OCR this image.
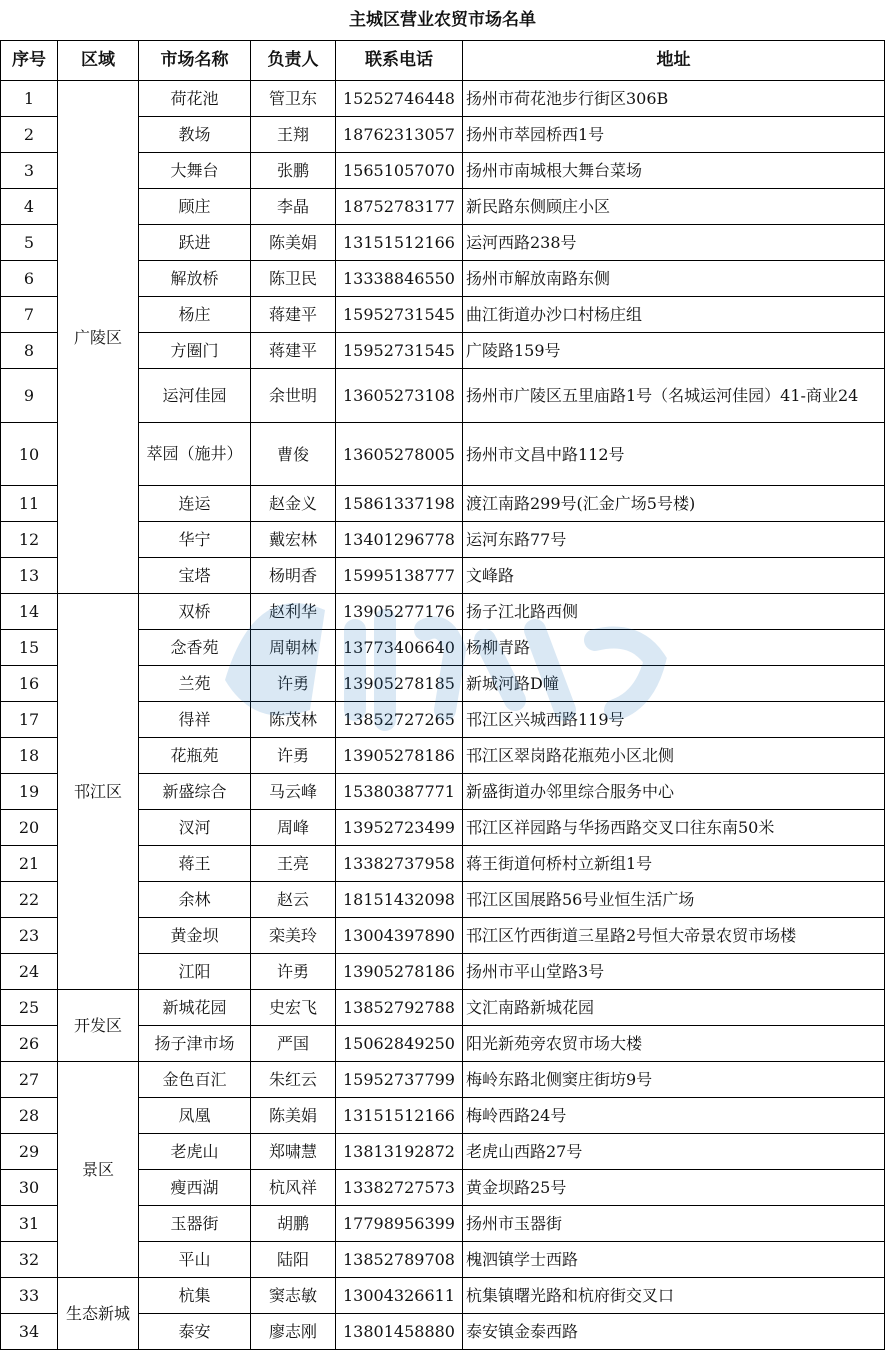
主城区营业农贸市场名单					
序号	区域	市场名称	负责人	联系电话	地址
1	广陵区	荷花池	管卫东	15252746448	扬州市荷花池步行街区306B
2		教场	王翔	18762313057	扬州市萃园桥西1号
3		大舞台	张鹏	15651057070	扬州市南城根大舞台菜场
4		顾庄	李晶	18752783177	新民路东侧顾庄小区
5		跃进	陈美娟	13151512166	运河西路238号
6		解放桥	陈卫民	13338846550	扬州市解放南路东侧
7		杨庄	蒋建平	15952731545	曲江街道办沙口村杨庄组
8		方圈门	蒋建平	15952731545	广陵路159号
9		运河佳园	余世明	13605273108	扬州市广陵区五里庙路1号（名城运河佳园）41-商业24
10		萃园（施井）	曹俊	13605278005	扬州市文昌中路112号
11		连运	赵金义	15861337198	渡江南路299号(汇金广场5号楼)
12		华宁	戴宏林	13401296778	运河东路77号
13		宝塔	杨明香	15995138777	文峰路
14	邗江区	双桥	赵利华	13905277176	扬子江北路西侧
15		念香苑	周朝林	13773406640	杨柳青路
16		兰苑	许勇	13905278185	新城河路D幢
17		得祥	陈茂林	13852727265	邗江区兴城西路119号
18		花瓶苑	许勇	13905278186	邗江区翠岗路花瓶苑小区北侧
19		新盛综合	马云峰	15380387771	新盛街道办邻里综合服务中心
20		汊河	周峰	13952723499	邗江区祥园路与华扬西路交叉口往东南50米
21		蒋王	王亮	13382737958	蒋王街道何桥村立新组1号
22		余林	赵云	18151432098	邗江区国展路56号业恒生活广场
23		黄金坝	栾美玲	13004397890	邗江区竹西街道三星路2号恒大帝景农贸市场楼
24		江阳	许勇	13905278186	扬州市平山堂路3号
25	开发区	新城花园	史宏飞	13852792788	文汇南路新城花园
26		扬子津市场	严国	15062849250	阳光新苑旁农贸市场大楼
27	景区	金色百汇	朱红云	15952737799	梅岭东路北侧窦庄街坊9号
28		凤凰	陈美娟	13151512166	梅岭西路24号
29		老虎山	郑啸慧	13813192872	老虎山西路27号
30		瘦西湖	杭风祥	13382727573	黄金坝路25号
31		玉器街	胡鹏	17798956399	扬州市玉器街
32		平山	陆阳	13852789708	槐泗镇学士西路
33	生态新城	杭集	窦志敏	13004326611	杭集镇曙光路和杭府街交叉口
34		泰安	廖志刚	13801458880	泰安镇金泰西路
